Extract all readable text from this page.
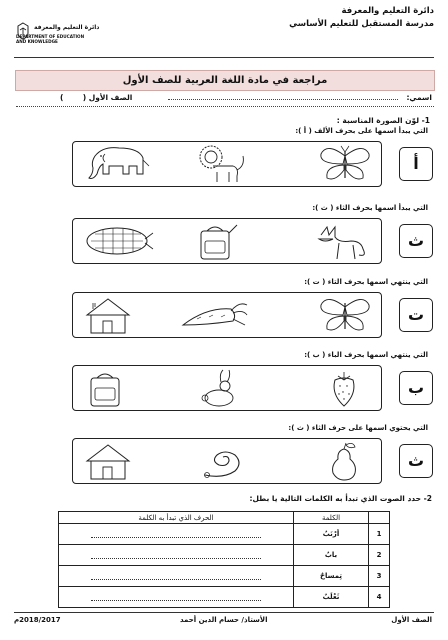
دائرة التعليم والمعرفة
مدرسة المستقبل للتعليم الأساسي
دائرة التعليم والمعرفة
DEPARTMENT OF EDUCATION
AND KNOWLEDGE
مراجعة في مادة اللغة العربية للصف الأول
اسمي:
الصف الأول (  )
1- لوّن الصورة المناسبة :
التي يبدأ اسمها على بحرف الألف ( أ ):
أ
التي يبدأ اسمها بحرف الثاء ( ث ):
ث
التي ينتهي اسمها بحرف التاء ( ت ):
ت
التي ينتهي اسمها بحرف الباء ( ب ):
ب
التي يحتوي اسمها على حرف الثاء ( ث ):
ث
2- حدد الصوت الذي تبدأ به الكلمات التالية يا بطل:
	الكلمة	الحرف الذي تبدأ به الكلمة
1	أرْنَبٌ	
2	بابٌ	
3	تِمساحٌ	
4	ثَعْلَبٌ	
الصف الأول
الأستاذ/ حسام الدين أحمد
2018/2017م
